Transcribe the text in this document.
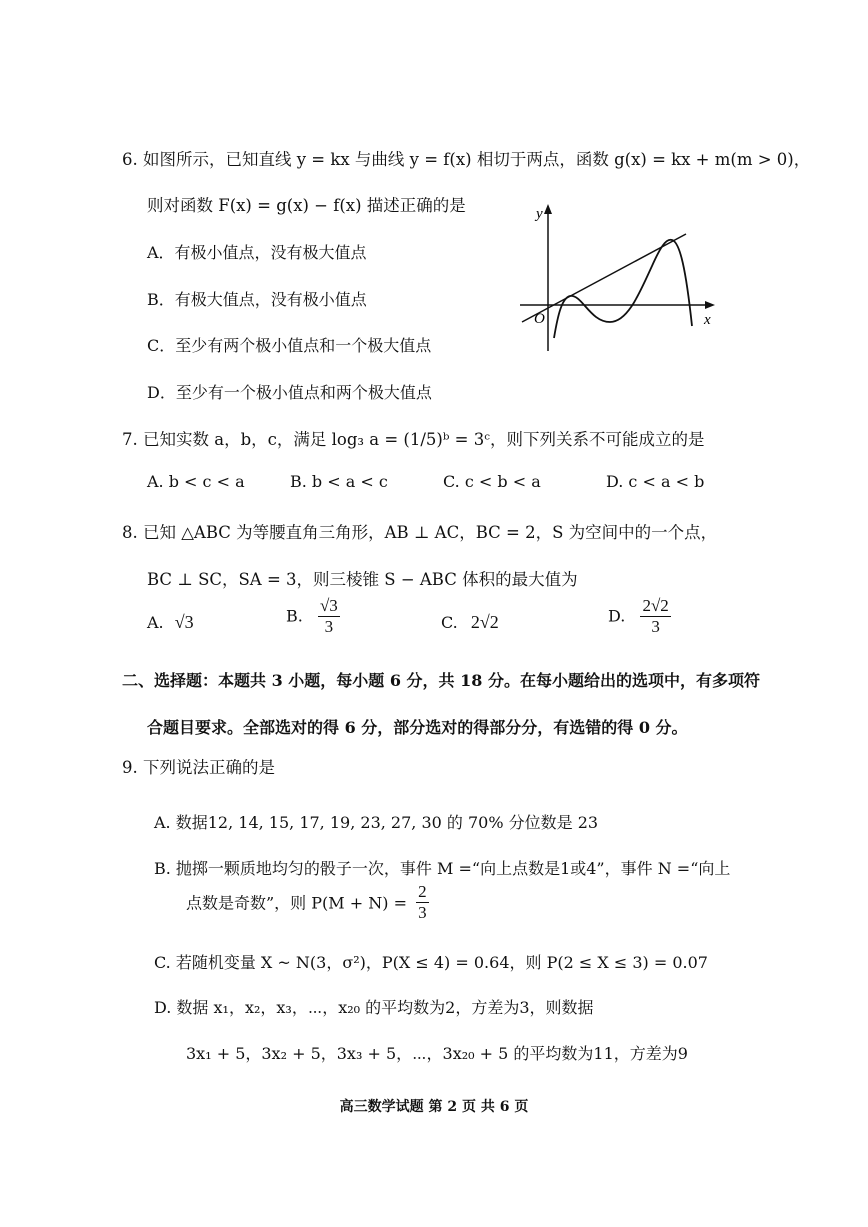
6. 如图所示，已知直线 y = kx 与曲线 y = f(x) 相切于两点，函数 g(x) = kx + m(m > 0)，
则对函数 F(x) = g(x) − f(x) 描述正确的是
A．有极小值点，没有极大值点
B．有极大值点，没有极小值点
C．至少有两个极小值点和一个极大值点
D．至少有一个极小值点和两个极大值点
y
x
O
7. 已知实数 a，b，c，满足 log₃ a = (1/5)ᵇ = 3ᶜ，则下列关系不可能成立的是
A. b < c < a	B. b < a < c	C. c < b < a	D. c < a < b
8. 已知 △ABC 为等腰直角三角形，AB ⊥ AC，BC = 2，S 为空间中的一个点，
BC ⊥ SC，SA = 3，则三棱锥 S − ABC 体积的最大值为
A. √3	B. $\frac{√3}{3}$	C. 2√2	D. $\frac{2√2}{3}$
二、选择题：本题共 3 小题，每小题 6 分，共 18 分。在每小题给出的选项中，有多项符
合题目要求。全部选对的得 6 分，部分选对的得部分分，有选错的得 0 分。
9. 下列说法正确的是
A. 数据12, 14, 15, 17, 19, 23, 27, 30 的 70% 分位数是 23
B. 抛掷一颗质地均匀的骰子一次，事件 M =“向上点数是1或4”，事件 N =“向上
点数是奇数”，则 $P(M + N) = \frac{2}{3}$
C. 若随机变量 X ~ N(3，σ²)，P(X ≤ 4) = 0.64，则 P(2 ≤ X ≤ 3) = 0.07
D. 数据 x₁，x₂，x₃，⋯，x₂₀ 的平均数为2，方差为3，则数据
3x₁ + 5，3x₂ + 5，3x₃ + 5，⋯，3x₂₀ + 5 的平均数为11，方差为9
高三数学试题 第 2 页 共 6 页
